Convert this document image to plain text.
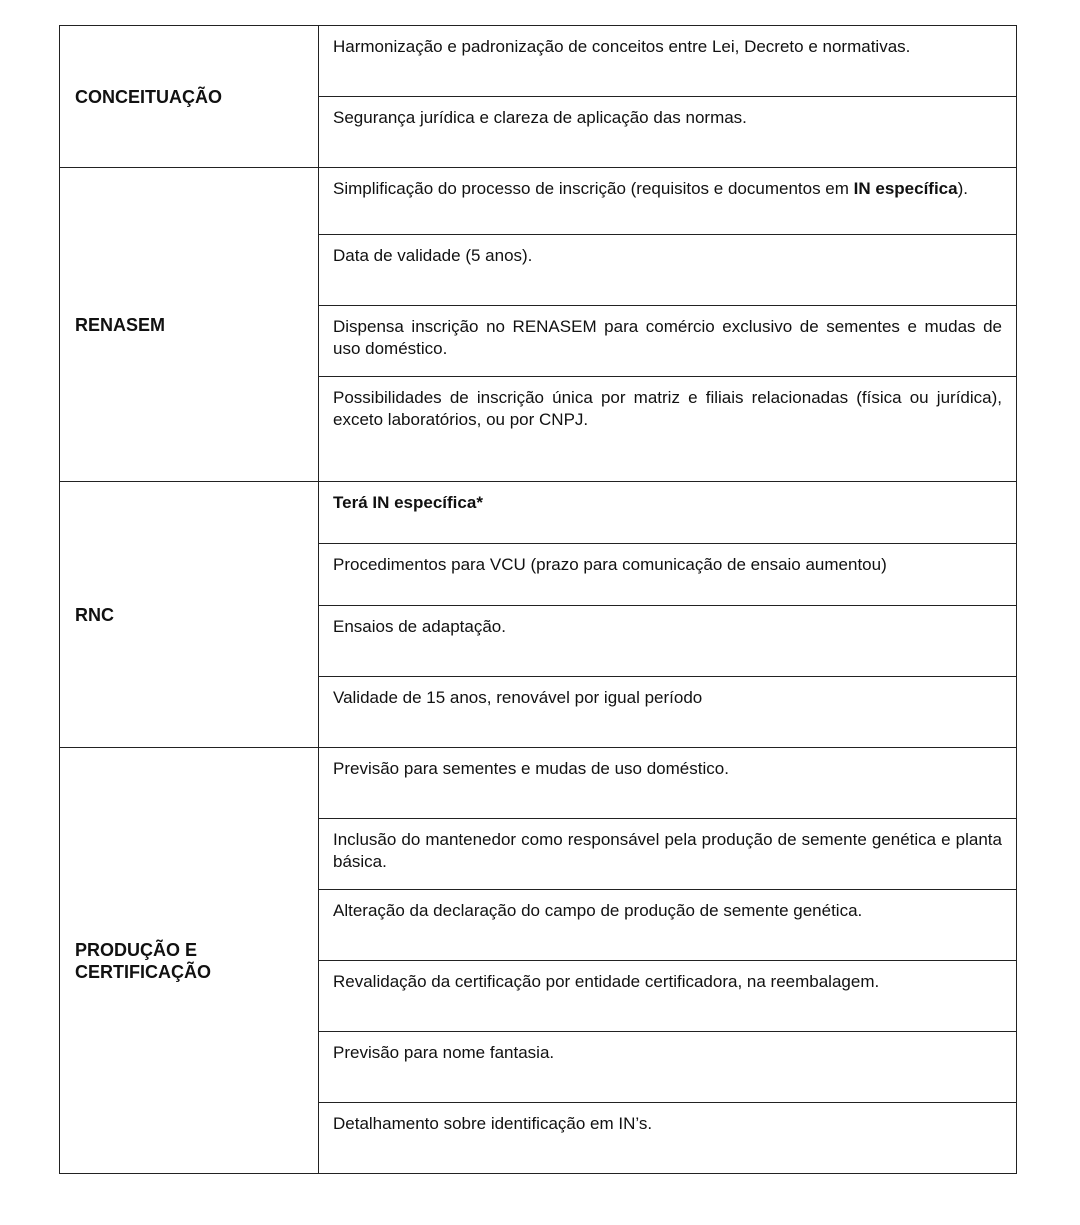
CONCEITUAÇÃO	Harmonização e padronização de conceitos entre Lei, Decreto e normativas.

	Segurança jurídica e clareza de aplicação das normas.

RENASEM	Simplificação do processo de inscrição (requisitos e documentos em IN específica).

	Data de validade (5 anos).

	Dispensa inscrição no RENASEM para comércio exclusivo de sementes e mudas de uso doméstico.

	Possibilidades de inscrição única por matriz e filiais relacionadas (física ou jurídica), exceto laboratórios, ou por CNPJ.

RNC	Terá IN específica*

	Procedimentos para VCU (prazo para comunicação de ensaio aumentou)

	Ensaios de adaptação.

	Validade de 15 anos, renovável por igual período

PRODUÇÃO E
CERTIFICAÇÃO	Previsão para sementes e mudas de uso doméstico.

	Inclusão do mantenedor como responsável pela produção de semente genética e planta básica.

	Alteração da declaração do campo de produção de semente genética.

	Revalidação da certificação por entidade certificadora, na reembalagem.

	Previsão para nome fantasia.

	Detalhamento sobre identificação em IN’s.
